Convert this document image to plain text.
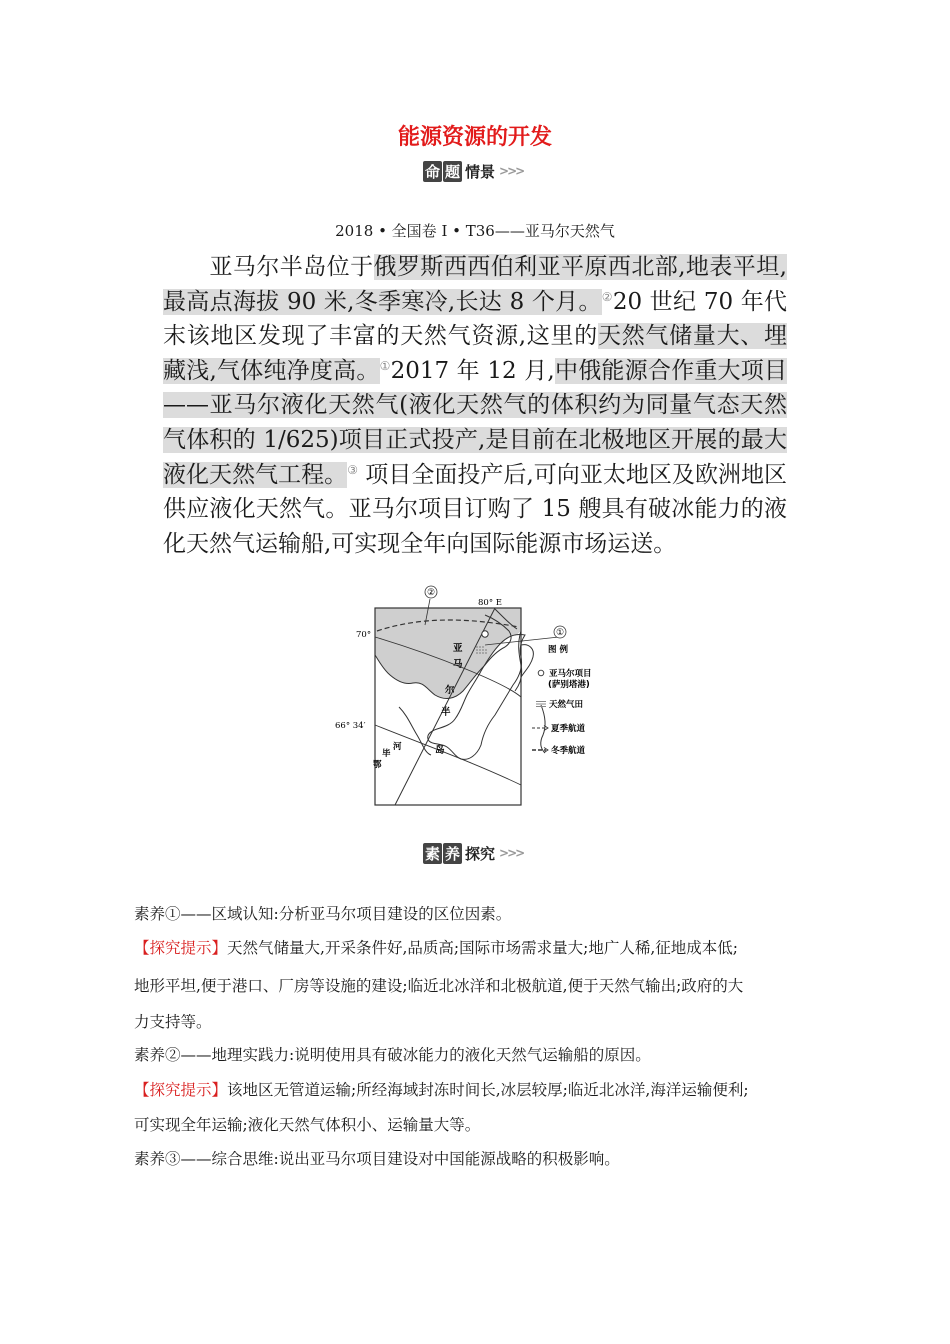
能源资源的开发
命 题 情景 >>>
2018 • 全国卷 Ⅰ • T36——亚马尔天然气
亚马尔半岛位于俄罗斯西西伯利亚平原西北部,地表平坦,最高点海拔 90 米,冬季寒冷,长达 8 个月。②20 世纪 70 年代末该地区发现了丰富的天然气资源,这里的天然气储量大、埋藏浅,气体纯净度高。①2017 年 12 月,中俄能源合作重大项目——亚马尔液化天然气(液化天然气的体积约为同量气态天然气体积的 1/625)项目正式投产,是目前在北极地区开展的最大液化天然气工程。③ 项目全面投产后,可向亚太地区及欧洲地区供应液化天然气。亚马尔项目订购了 15 艘具有破冰能力的液化天然气运输船,可实现全年向国际能源市场运送。
②
①
80° E
70°
66° 34′
亚
马
尔
半
岛
河
毕
鄂
图 例
亚马尔项目
(萨别塔港)
天然气田
夏季航道
冬季航道
素 养 探究 >>>
素养①——区域认知:分析亚马尔项目建设的区位因素。
【探究提示】天然气储量大,开采条件好,品质高;国际市场需求量大;地广人稀,征地成本低;
地形平坦,便于港口、厂房等设施的建设;临近北冰洋和北极航道,便于天然气输出;政府的大
力支持等。
素养②——地理实践力:说明使用具有破冰能力的液化天然气运输船的原因。
【探究提示】该地区无管道运输;所经海域封冻时间长,冰层较厚;临近北冰洋,海洋运输便利;
可实现全年运输;液化天然气体积小、运输量大等。
素养③——综合思维:说出亚马尔项目建设对中国能源战略的积极影响。
